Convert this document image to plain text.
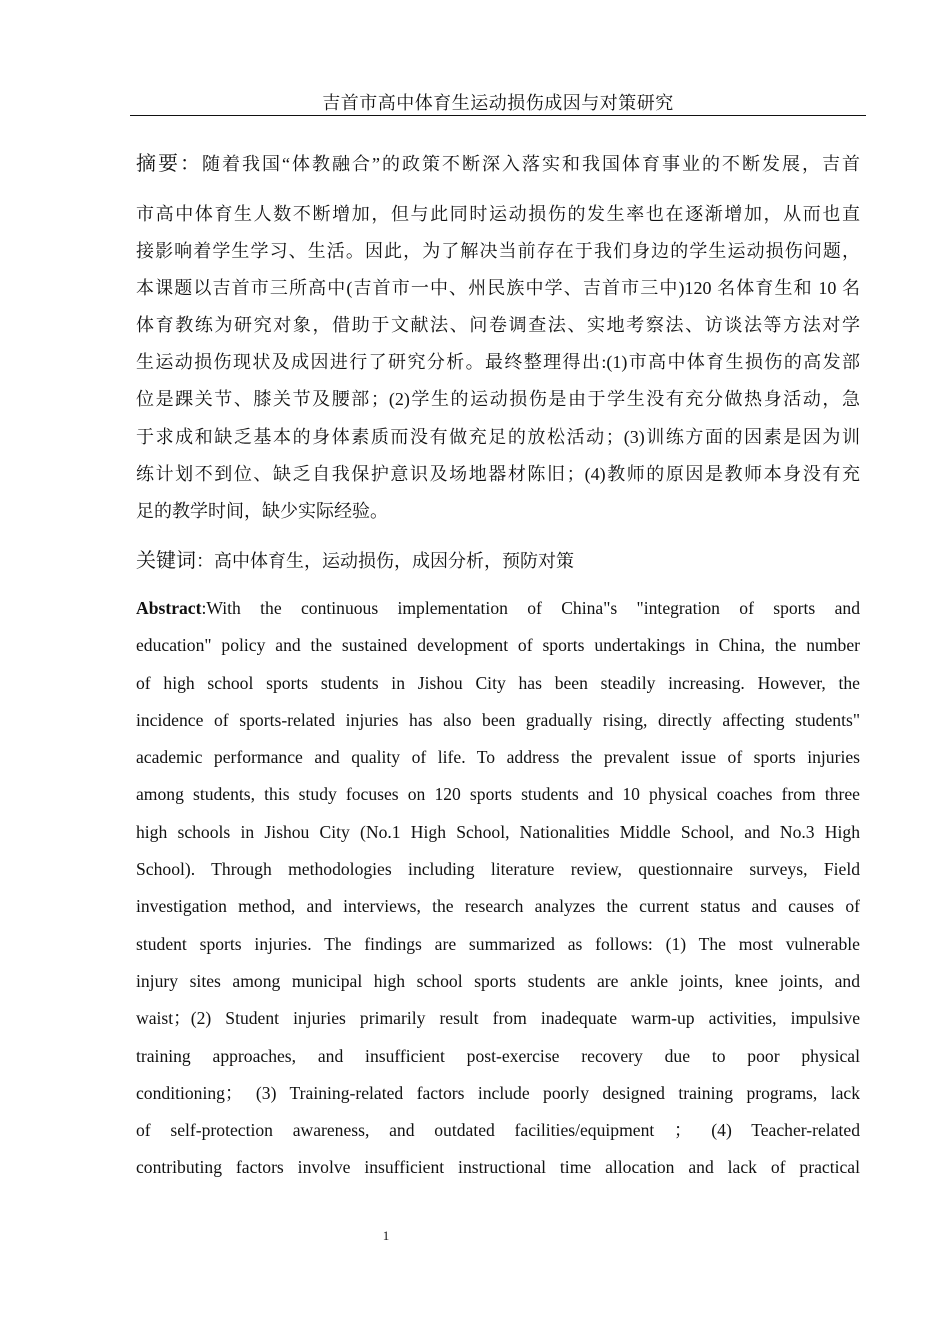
吉首市高中体育生运动损伤成因与对策研究
摘要：随着我国“体教融合”的政策不断深入落实和我国体育事业的不断发展，吉首
市高中体育生人数不断增加，但与此同时运动损伤的发生率也在逐渐增加，从而也直
接影响着学生学习、生活。因此，为了解决当前存在于我们身边的学生运动损伤问题，
本课题以吉首市三所高中(吉首市一中、州民族中学、吉首市三中)120 名体育生和 10 名
体育教练为研究对象，借助于文献法、问卷调查法、实地考察法、访谈法等方法对学
生运动损伤现状及成因进行了研究分析。最终整理得出:(1)市高中体育生损伤的高发部
位是踝关节、膝关节及腰部；(2)学生的运动损伤是由于学生没有充分做热身活动，急
于求成和缺乏基本的身体素质而没有做充足的放松活动；(3)训练方面的因素是因为训
练计划不到位、缺乏自我保护意识及场地器材陈旧；(4)教师的原因是教师本身没有充
足的教学时间，缺少实际经验。
关键词：高中体育生，运动损伤，成因分析，预防对策
Abstract:With the continuous implementation of China"s "integration of sports and
education" policy and the sustained development of sports undertakings in China, the number
of high school sports students in Jishou City has been steadily increasing. However, the
incidence of sports-related injuries has also been gradually rising, directly affecting students"
academic performance and quality of life. To address the prevalent issue of sports injuries
among students, this study focuses on 120 sports students and 10 physical coaches from three
high schools in Jishou City (No.1 High School, Nationalities Middle School, and No.3 High
School). Through methodologies including literature review, questionnaire surveys, Field
investigation method, and interviews, the research analyzes the current status and causes of
student sports injuries. The findings are summarized as follows: (1) The most vulnerable
injury sites among municipal high school sports students are ankle joints, knee joints, and
waist；(2) Student injuries primarily result from inadequate warm-up activities, impulsive
training approaches, and insufficient post-exercise recovery due to poor physical
conditioning； (3) Training-related factors include poorly designed training programs, lack
of self-protection awareness, and outdated facilities/equipment ； (4) Teacher-related
contributing factors involve insufficient instructional time allocation and lack of practical
1
